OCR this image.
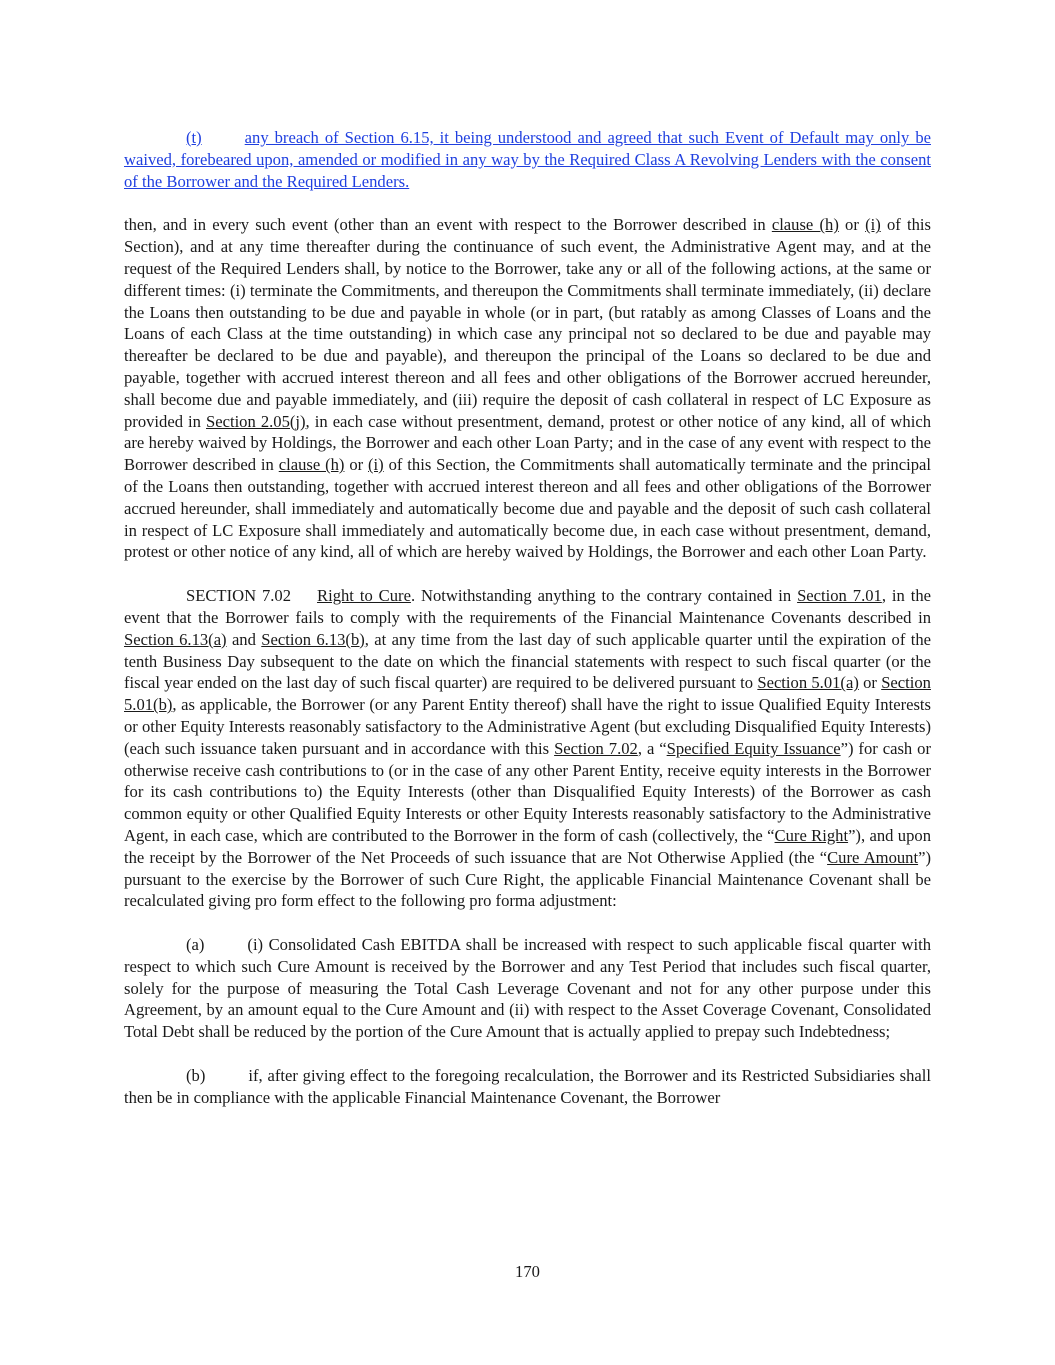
(t)	any breach of Section 6.15, it being understood and agreed that such Event of Default may only be waived, forebeared upon, amended or modified in any way by the Required Class A Revolving Lenders with the consent of the Borrower and the Required Lenders.

then, and in every such event (other than an event with respect to the Borrower described in clause (h) or (i) of this Section), and at any time thereafter during the continuance of such event, the Administrative Agent may, and at the request of the Required Lenders shall, by notice to the Borrower, take any or all of the following actions, at the same or different times: (i) terminate the Commitments, and thereupon the Commitments shall terminate immediately, (ii) declare the Loans then outstanding to be due and payable in whole (or in part, (but ratably as among Classes of Loans and the Loans of each Class at the time outstanding) in which case any principal not so declared to be due and payable may thereafter be declared to be due and payable), and thereupon the principal of the Loans so declared to be due and payable, together with accrued interest thereon and all fees and other obligations of the Borrower accrued hereunder, shall become due and payable immediately, and (iii) require the deposit of cash collateral in respect of LC Exposure as provided in Section 2.05(j), in each case without presentment, demand, protest or other notice of any kind, all of which are hereby waived by Holdings, the Borrower and each other Loan Party; and in the case of any event with respect to the Borrower described in clause (h) or (i) of this Section, the Commitments shall automatically terminate and the principal of the Loans then outstanding, together with accrued interest thereon and all fees and other obligations of the Borrower accrued hereunder, shall immediately and automatically become due and payable and the deposit of such cash collateral in respect of LC Exposure shall immediately and automatically become due, in each case without presentment, demand, protest or other notice of any kind, all of which are hereby waived by Holdings, the Borrower and each other Loan Party.

SECTION 7.02 Right to Cure. Notwithstanding anything to the contrary contained in Section 7.01, in the event that the Borrower fails to comply with the requirements of the Financial Maintenance Covenants described in Section 6.13(a) and Section 6.13(b), at any time from the last day of such applicable quarter until the expiration of the tenth Business Day subsequent to the date on which the financial statements with respect to such fiscal quarter (or the fiscal year ended on the last day of such fiscal quarter) are required to be delivered pursuant to Section 5.01(a) or Section 5.01(b), as applicable, the Borrower (or any Parent Entity thereof) shall have the right to issue Qualified Equity Interests or other Equity Interests reasonably satisfactory to the Administrative Agent (but excluding Disqualified Equity Interests) (each such issuance taken pursuant and in accordance with this Section 7.02, a “Specified Equity Issuance”) for cash or otherwise receive cash contributions to (or in the case of any other Parent Entity, receive equity interests in the Borrower for its cash contributions to) the Equity Interests (other than Disqualified Equity Interests) of the Borrower as cash common equity or other Qualified Equity Interests or other Equity Interests reasonably satisfactory to the Administrative Agent, in each case, which are contributed to the Borrower in the form of cash (collectively, the “Cure Right”), and upon the receipt by the Borrower of the Net Proceeds of such issuance that are Not Otherwise Applied (the “Cure Amount”) pursuant to the exercise by the Borrower of such Cure Right, the applicable Financial Maintenance Covenant shall be recalculated giving pro form effect to the following pro forma adjustment:

(a)	(i) Consolidated Cash EBITDA shall be increased with respect to such applicable fiscal quarter with respect to which such Cure Amount is received by the Borrower and any Test Period that includes such fiscal quarter, solely for the purpose of measuring the Total Cash Leverage Covenant and not for any other purpose under this Agreement, by an amount equal to the Cure Amount and (ii) with respect to the Asset Coverage Covenant, Consolidated Total Debt shall be reduced by the portion of the Cure Amount that is actually applied to prepay such Indebtedness;

(b)	if, after giving effect to the foregoing recalculation, the Borrower and its Restricted Subsidiaries shall then be in compliance with the applicable Financial Maintenance Covenant, the Borrower

170
